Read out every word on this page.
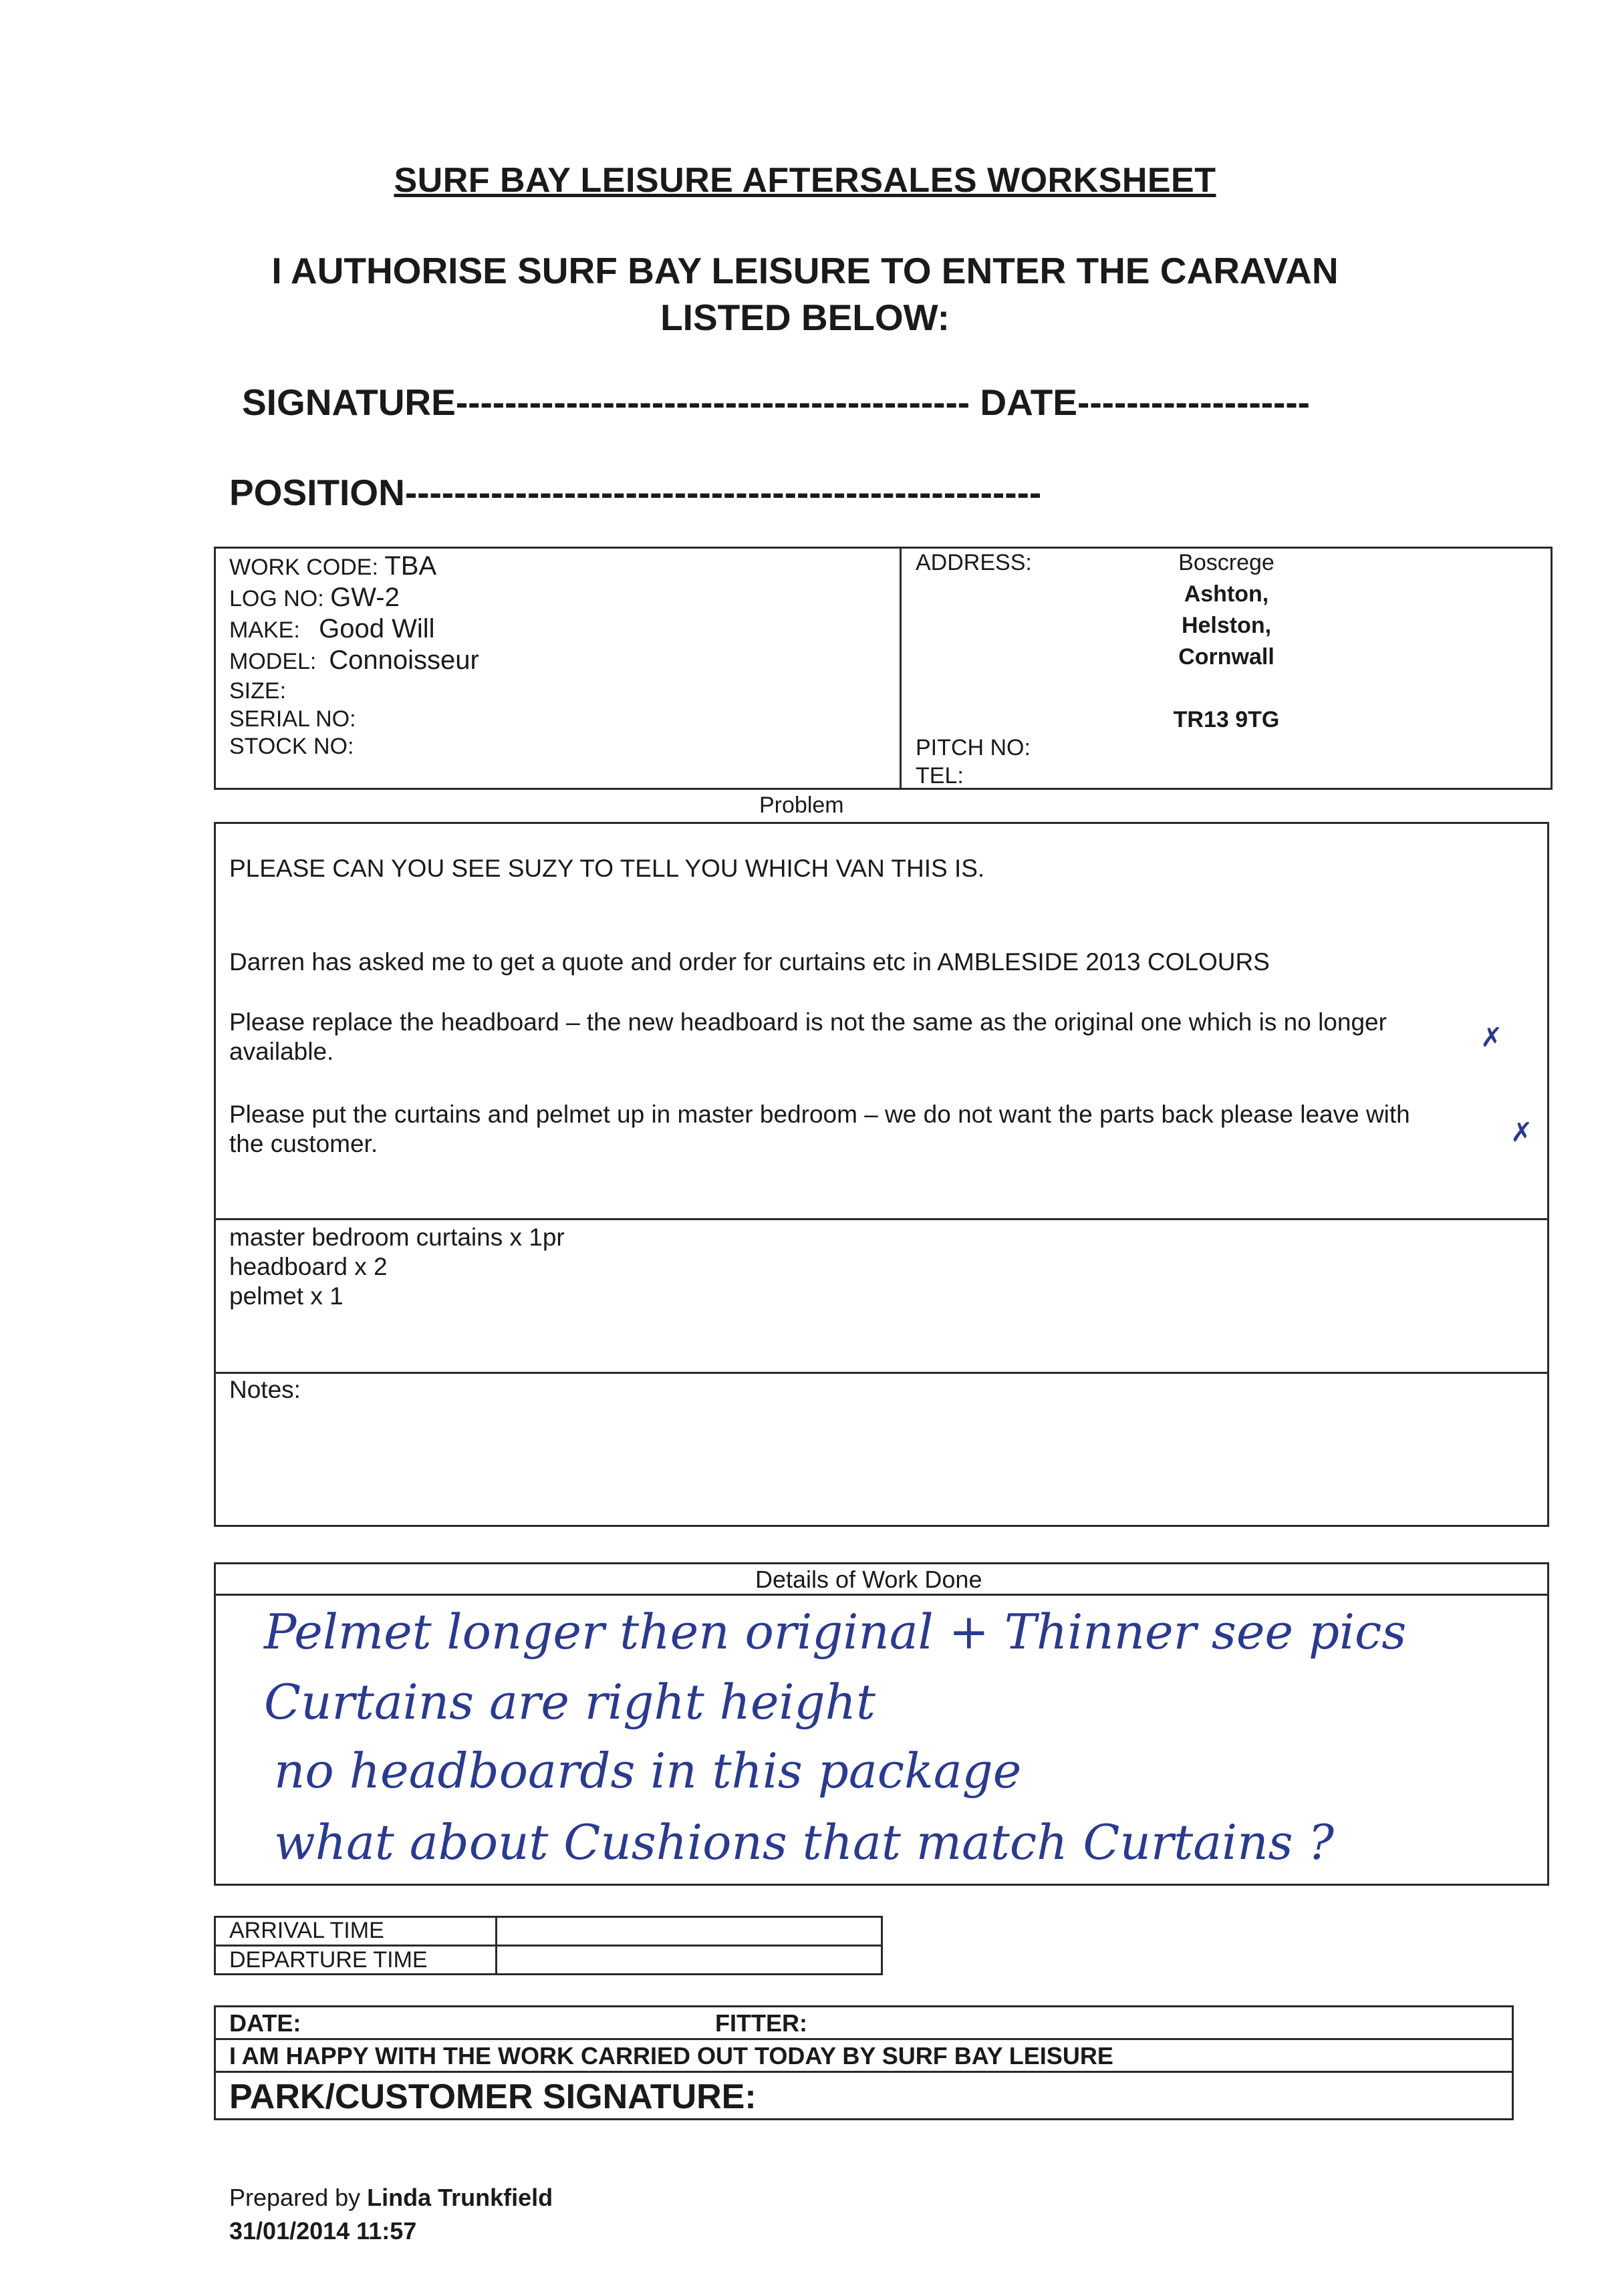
SURF BAY LEISURE AFTERSALES WORKSHEET
I AUTHORISE SURF BAY LEISURE TO ENTER THE CARAVAN
LISTED BELOW:
SIGNATURE------------------------------------------ DATE-------------------
POSITION----------------------------------------------------
WORK CODE: TBA
LOG NO: GW-2
MAKE: Good Will
MODEL: Connoisseur
SIZE:
SERIAL NO:
STOCK NO:
ADDRESS:	Boscrege
Ashton,
Helston,
Cornwall
TR13 9TG
PITCH NO:
TEL:
Problem
PLEASE CAN YOU SEE SUZY TO TELL YOU WHICH VAN THIS IS.
Darren has asked me to get a quote and order for curtains etc in AMBLESIDE 2013 COLOURS
Please replace the headboard – the new headboard is not the same as the original one which is no longer
available.	✗
Please put the curtains and pelmet up in master bedroom – we do not want the parts back please leave with
the customer.	✗
master bedroom curtains x 1pr
headboard x 2
pelmet x 1
Notes:
Details of Work Done
Pelmet longer then original + Thinner see pics
Curtains are right height
no headboards in this package
what about Cushions that match Curtains ?
ARRIVAL TIME
DEPARTURE TIME
DATE:	FITTER:
I AM HAPPY WITH THE WORK CARRIED OUT TODAY BY SURF BAY LEISURE
PARK/CUSTOMER SIGNATURE:
Prepared by Linda Trunkfield
31/01/2014 11:57
